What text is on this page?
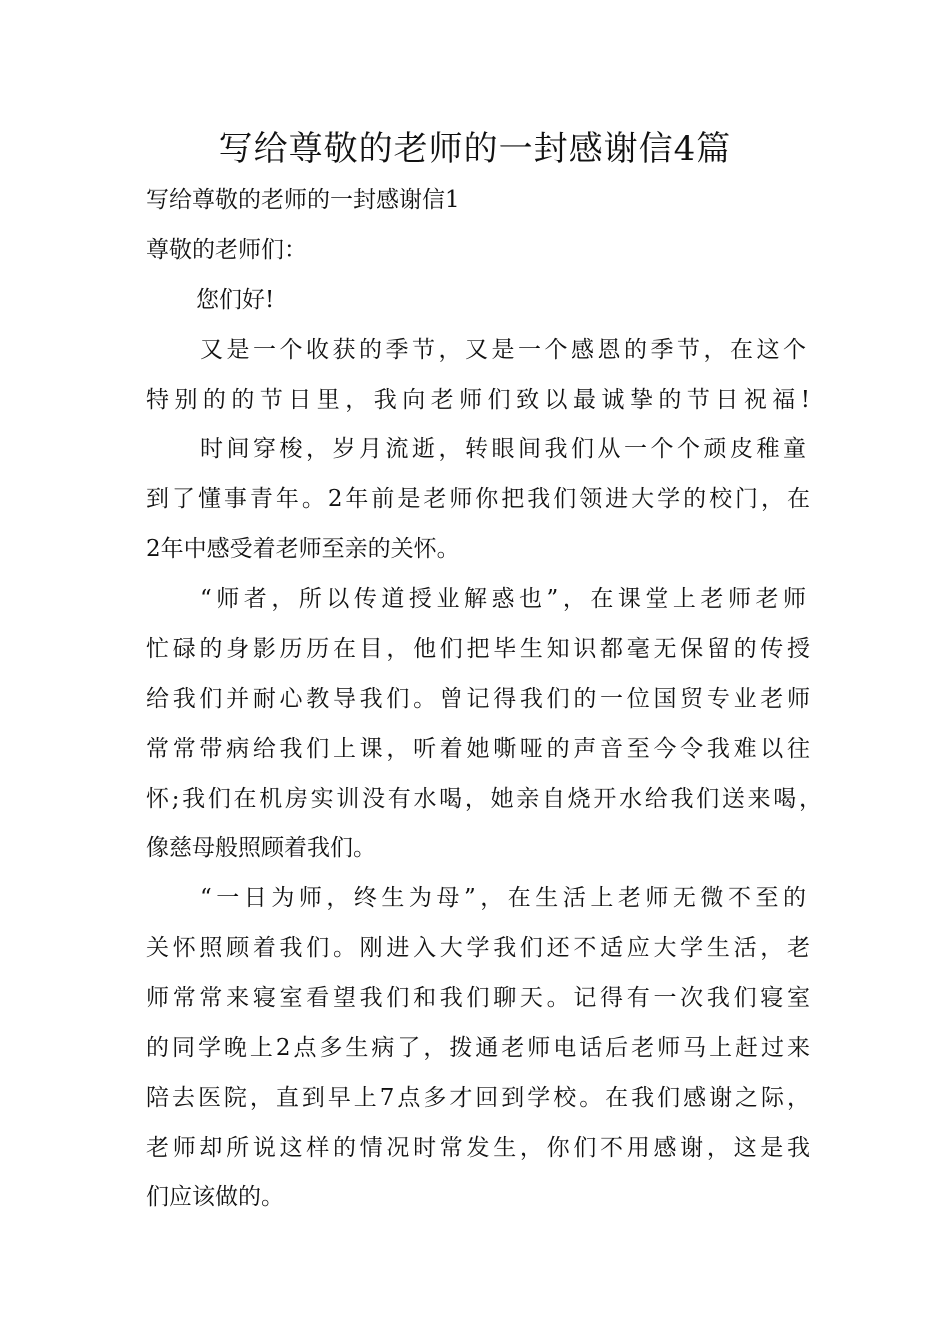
写给尊敬的老师的一封感谢信4篇

写给尊敬的老师的一封感谢信1

尊敬的老师们：

您们好!

又是一个收获的季节，又是一个感恩的季节，在这个

特别的的节日里，我向老师们致以最诚挚的节日祝福!

时间穿梭，岁月流逝，转眼间我们从一个个顽皮稚童

到了懂事青年。2年前是老师你把我们领进大学的校门，在

2年中感受着老师至亲的关怀。

“师者，所以传道授业解惑也”，在课堂上老师老师

忙碌的身影历历在目，他们把毕生知识都毫无保留的传授

给我们并耐心教导我们。曾记得我们的一位国贸专业老师

常常带病给我们上课，听着她嘶哑的声音至今令我难以往

怀;我们在机房实训没有水喝，她亲自烧开水给我们送来喝，

像慈母般照顾着我们。

“一日为师，终生为母”，在生活上老师无微不至的

关怀照顾着我们。刚进入大学我们还不适应大学生活，老

师常常来寝室看望我们和我们聊天。记得有一次我们寝室

的同学晚上2点多生病了，拨通老师电话后老师马上赶过来

陪去医院，直到早上7点多才回到学校。在我们感谢之际，

老师却所说这样的情况时常发生，你们不用感谢，这是我

们应该做的。
